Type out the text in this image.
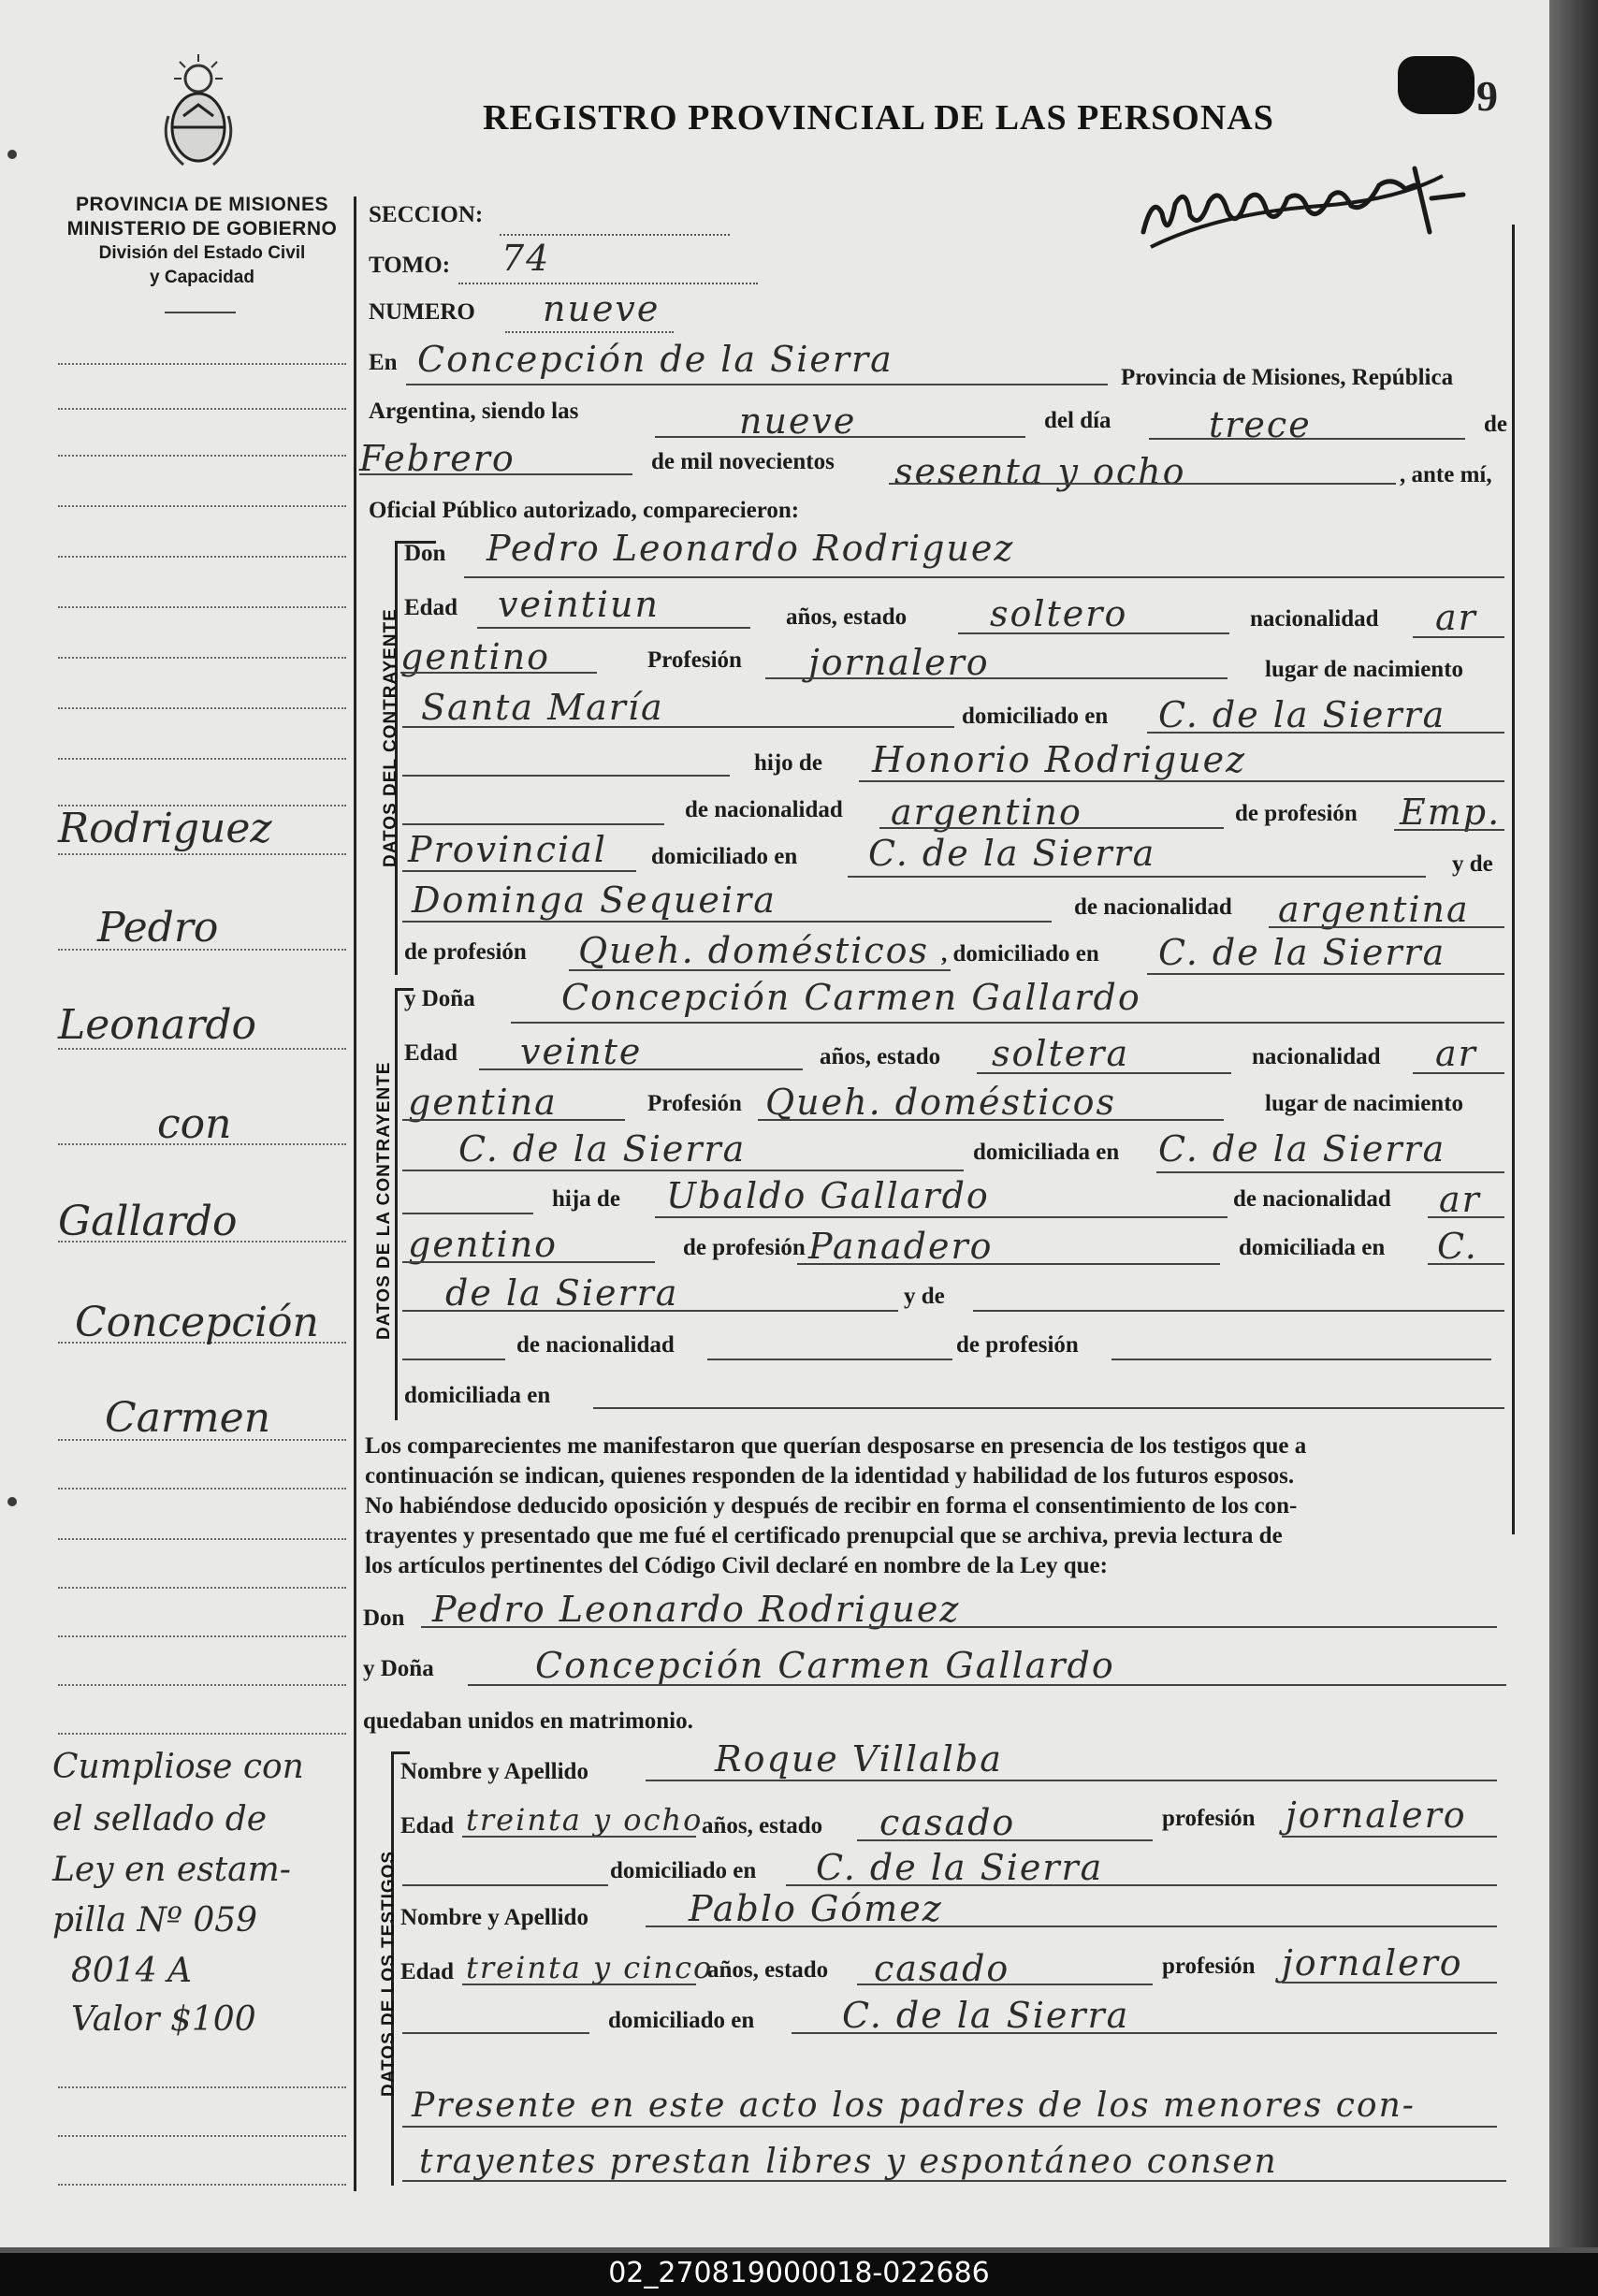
REGISTRO PROVINCIAL DE LAS PERSONAS	9
PROVINCIA DE MISIONES
MINISTERIO DE GOBIERNO
División del Estado Civil
y Capacidad
DATOS DEL CONTRAYENTE
DATOS DE LA CONTRAYENTE
DATOS DE LOS TESTIGOS
Rodriguez
Pedro
Leonardo
con
Gallardo
Concepción
Carmen
Cumpliose con
el sellado de
Ley en estam-
pilla Nº 059
8014 A
Valor $100
SECCION:
TOMO: 74
NUMERO nueve
En Concepción de la Sierra	Provincia de Misiones, República
Argentina, siendo las	nueve	del día	trece	de
Febrero	de mil novecientos sesenta y ocho	, ante mí,
Oficial Público autorizado, comparecieron:
Don Pedro Leonardo Rodriguez
Edad veintiun	años, estado soltero	nacionalidad ar
gentino	Profesión jornalero	lugar de nacimiento
Santa María	domiciliado en C. de la Sierra
hijo de Honorio Rodriguez
de nacionalidad argentino	de profesión Emp.
Provincial domiciliado en C. de la Sierra	y de
Dominga Sequeira	de nacionalidad argentina
de profesión Queh. domésticos , domiciliado en C. de la Sierra
y Doña Concepción Carmen Gallardo
Edad veinte	años, estado soltera	nacionalidad ar
gentina	Profesión Queh. domésticos	lugar de nacimiento
C. de la Sierra	domiciliada en C. de la Sierra
hija de Ubaldo Gallardo	de nacionalidad ar
gentino	de profesión Panadero	domiciliada en C.
de la Sierra	y de
de nacionalidad	de profesión
domiciliada en
Los comparecientes me manifestaron que querían desposarse en presencia de los testigos que a
continuación se indican, quienes responden de la identidad y habilidad de los futuros esposos.
No habiéndose deducido oposición y después de recibir en forma el consentimiento de los con-
trayentes y presentado que me fué el certificado prenupcial que se archiva, previa lectura de
los artículos pertinentes del Código Civil declaré en nombre de la Ley que:
Don Pedro Leonardo Rodriguez
y Doña	Concepción Carmen Gallardo
quedaban unidos en matrimonio.
Nombre y Apellido	Roque Villalba
Edad treinta y ocho
años, estado casado	profesión jornalero
domiciliado en C. de la Sierra
Nombre y Apellido	Pablo Gómez
Edad treinta y cinco
años, estado casado	profesión jornalero
domiciliado en C. de la Sierra
Presente en este acto los padres de los menores con-
trayentes prestan libres y espontáneo consen
02_270819000018-022686
